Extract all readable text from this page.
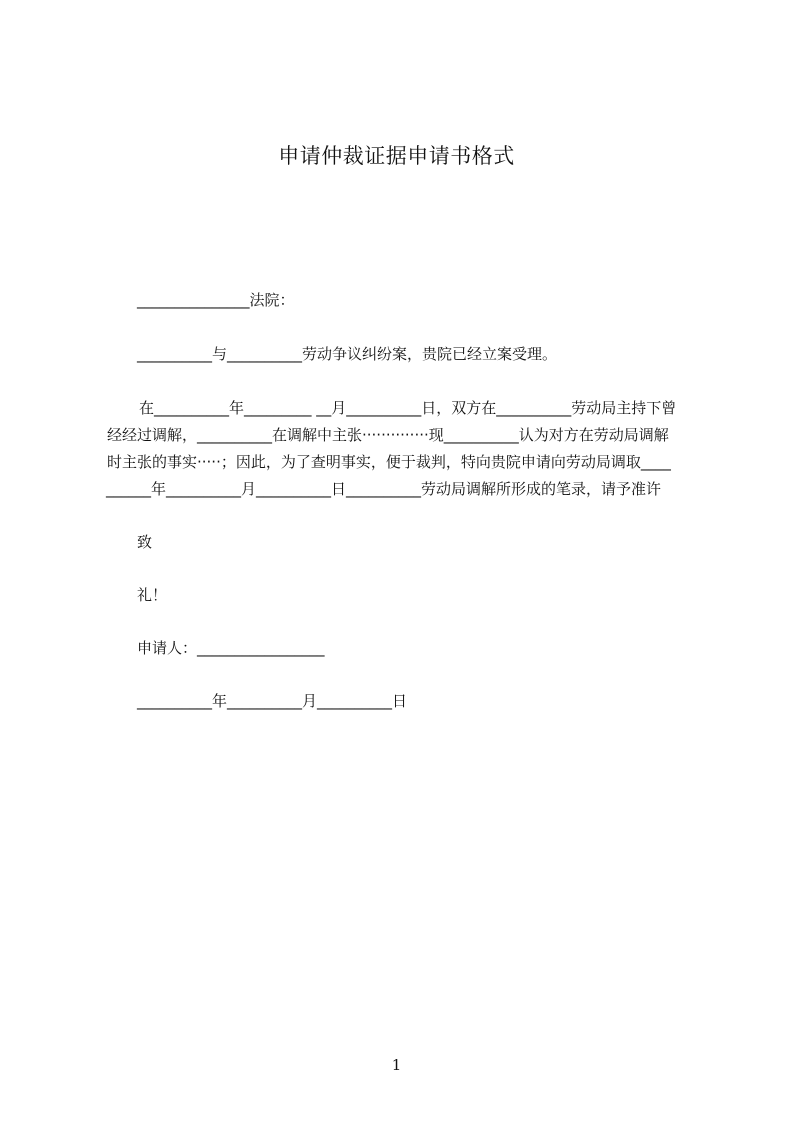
申请仲裁证据申请书格式
_______________法院：
__________与__________劳动争议纠纷案，贵院已经立案受理。
在__________年_________ __月__________日，双方在__________劳动局主持下曾
经经过调解，__________在调解中主张··············现__________认为对方在劳动局调解
时主张的事实·····；因此，为了查明事实，便于裁判，特向贵院申请向劳动局调取____
______年__________月__________日__________劳动局调解所形成的笔录，请予准许
致
礼！
申请人：_________________
__________年__________月__________日
1
